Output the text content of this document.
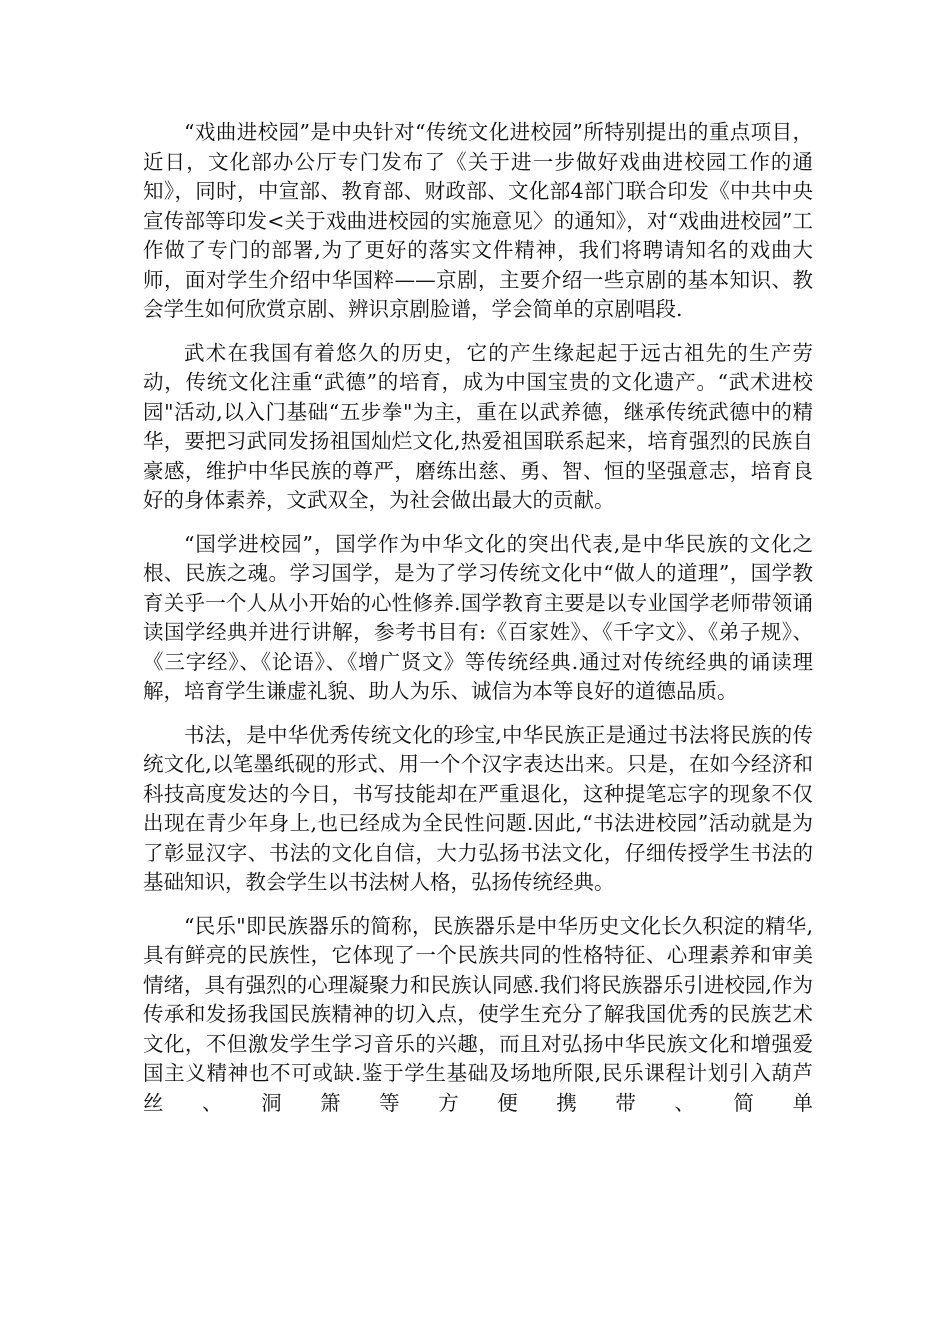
“戏曲进校园”是中央针对“传统文化进校园”所特别提出的重点项目，近日，文化部办公厅专门发布了《关于进一步做好戏曲进校园工作的通知》，同时，中宣部、教育部、财政部、文化部4部门联合印发《中共中央宣传部等印发<关于戏曲进校园的实施意见〉的通知》，对“戏曲进校园”工作做了专门的部署,为了更好的落实文件精神，我们将聘请知名的戏曲大师，面对学生介绍中华国粹——京剧，主要介绍一些京剧的基本知识、教会学生如何欣赏京剧、辨识京剧脸谱，学会简单的京剧唱段.

武术在我国有着悠久的历史，它的产生缘起起于远古祖先的生产劳动，传统文化注重“武德”的培育，成为中国宝贵的文化遗产。“武术进校园"活动,以入门基础“五步拳"为主，重在以武养德，继承传统武德中的精华，要把习武同发扬祖国灿烂文化,热爱祖国联系起来，培育强烈的民族自豪感，维护中华民族的尊严，磨练出慈、勇、智、恒的坚强意志，培育良好的身体素养，文武双全，为社会做出最大的贡献。

“国学进校园”，国学作为中华文化的突出代表,是中华民族的文化之根、民族之魂。学习国学，是为了学习传统文化中“做人的道理”，国学教育关乎一个人从小开始的心性修养.国学教育主要是以专业国学老师带领诵读国学经典并进行讲解，参考书目有:《百家姓》、《千字文》、《弟子规》、《三字经》、《论语》、《增广贤文》等传统经典.通过对传统经典的诵读理解，培育学生谦虚礼貌、助人为乐、诚信为本等良好的道德品质。

书法，是中华优秀传统文化的珍宝,中华民族正是通过书法将民族的传统文化,以笔墨纸砚的形式、用一个个汉字表达出来。只是，在如今经济和科技高度发达的今日，书写技能却在严重退化，这种提笔忘字的现象不仅出现在青少年身上,也已经成为全民性问题.因此,“书法进校园”活动就是为了彰显汉字、书法的文化自信，大力弘扬书法文化，仔细传授学生书法的基础知识，教会学生以书法树人格，弘扬传统经典。

“民乐"即民族器乐的简称，民族器乐是中华历史文化长久积淀的精华,具有鲜亮的民族性，它体现了一个民族共同的性格特征、心理素养和审美情绪，具有强烈的心理凝聚力和民族认同感.我们将民族器乐引进校园,作为传承和发扬我国民族精神的切入点，使学生充分了解我国优秀的民族艺术文化，不但激发学生学习音乐的兴趣，而且对弘扬中华民族文化和增强爱国主义精神也不可或缺.鉴于学生基础及场地所限,民乐课程计划引入葫芦丝、洞箫等方便携带、简单
